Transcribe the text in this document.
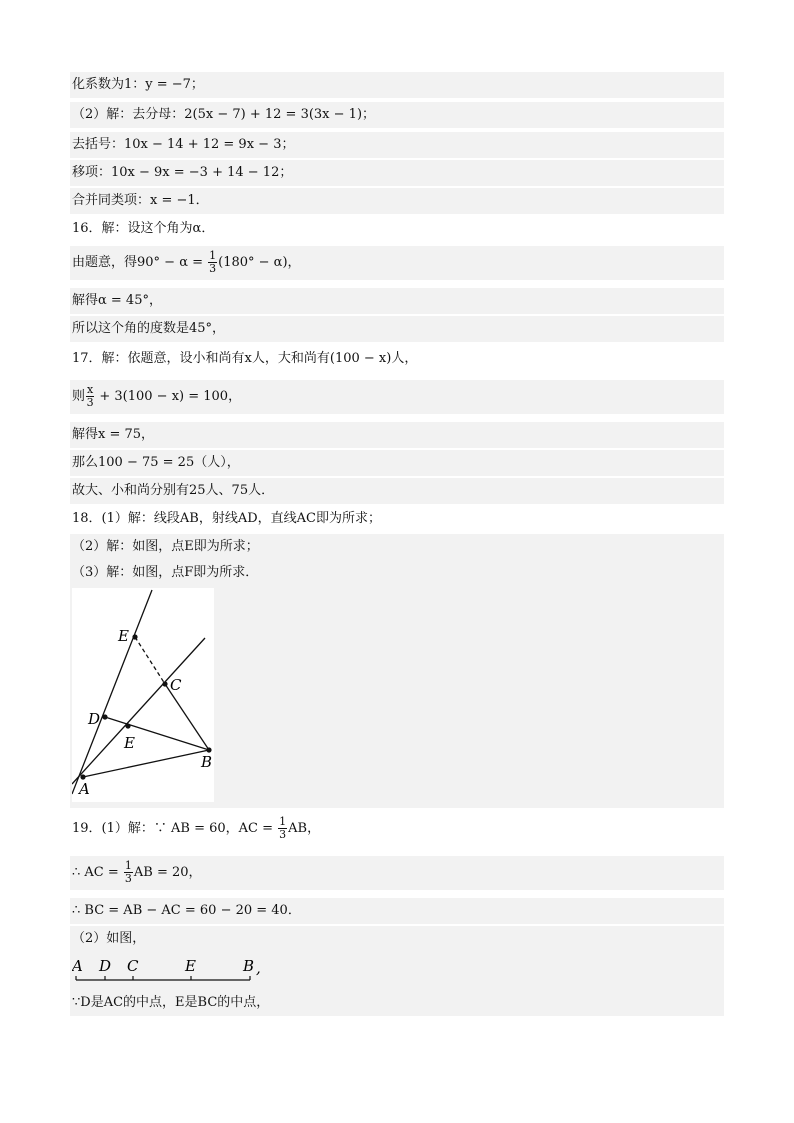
化系数为1：y = −7；
（2）解：去分母：2(5x − 7) + 12 = 3(3x − 1)；
去括号：10x − 14 + 12 = 9x − 3；
移项：10x − 9x = −3 + 14 − 12；
合并同类项：x = −1．
16．解：设这个角为α．
由题意，得$90^\circ - \alpha = \frac{1}{3} (180^\circ - \alpha)$，
解得α = 45°，
所以这个角的度数是45°，
17．解：依题意，设小和尚有x人，大和尚有(100 − x)人，
则 $\frac{x}{3} + 3(100 - x) = 100$，
解得x = 75，
那么100 − 75 = 25（人），
故大、小和尚分别有25人、75人．
18．(1）解：线段AB，射线AD，直线AC即为所求；
（2）解：如图，点E即为所求；
（3）解：如图，点F即为所求．
A
B
C
D
E
E
19．(1）解：∵ AB = 60，AC = $\frac{1}{3}$ AB，
∴ AC = $\frac{1}{3}$ AB = 20，
∴ BC = AB − AC = 60 − 20 = 40．
（2）如图，
A D C	E	B ,
∵D是AC的中点，E是BC的中点，
